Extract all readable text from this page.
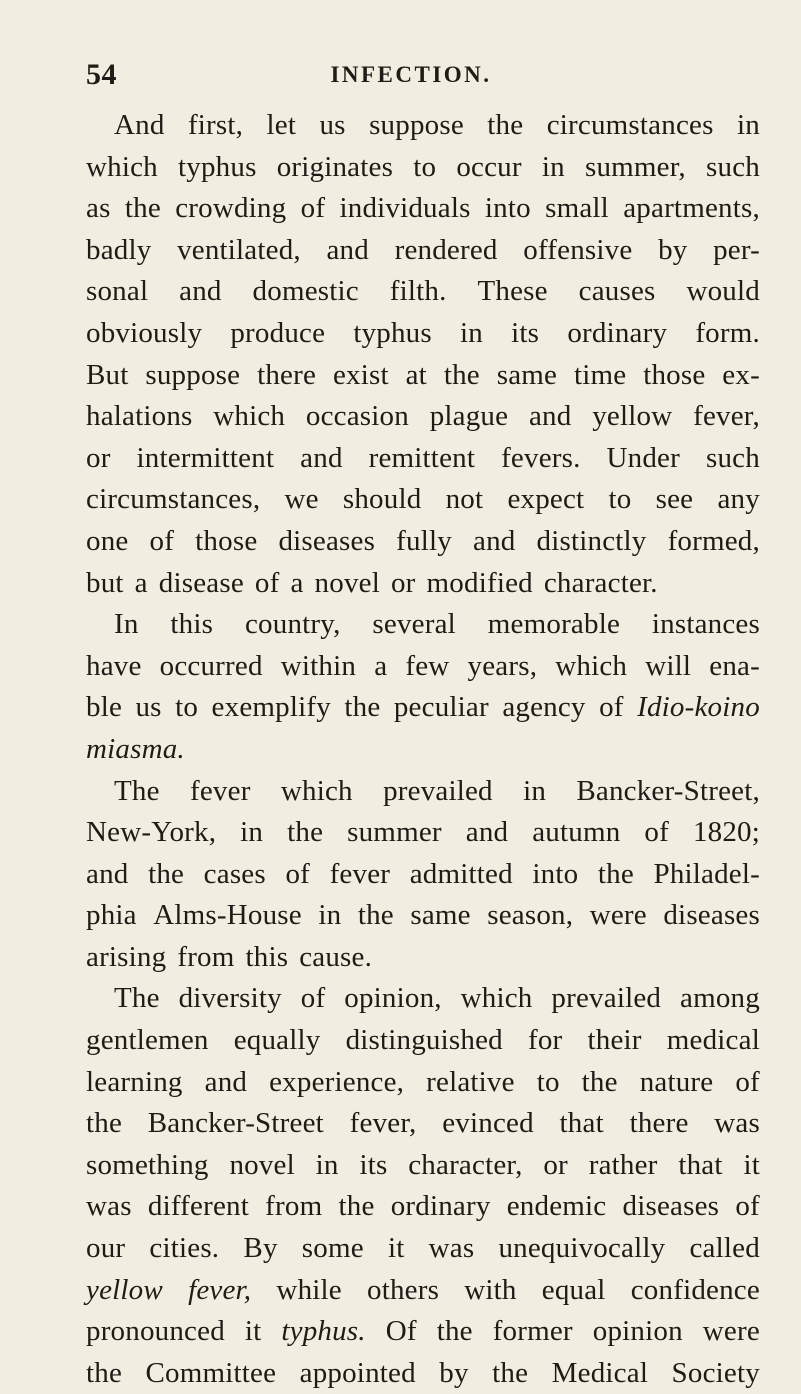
54	INFECTION.
And first, let us suppose the circumstances in
which typhus originates to occur in summer, such
as the crowding of individuals into small apartments,
badly ventilated, and rendered offensive by per-
sonal and domestic filth. These causes would
obviously produce typhus in its ordinary form.
But suppose there exist at the same time those ex-
halations which occasion plague and yellow fever,
or intermittent and remittent fevers. Under such
circumstances, we should not expect to see any
one of those diseases fully and distinctly formed,
but a disease of a novel or modified character.
In this country, several memorable instances
have occurred within a few years, which will ena-
ble us to exemplify the peculiar agency of Idio-koino
miasma.
The fever which prevailed in Bancker-Street,
New-York, in the summer and autumn of 1820;
and the cases of fever admitted into the Philadel-
phia Alms-House in the same season, were diseases
arising from this cause.
The diversity of opinion, which prevailed among
gentlemen equally distinguished for their medical
learning and experience, relative to the nature of
the Bancker-Street fever, evinced that there was
something novel in its character, or rather that it
was different from the ordinary endemic diseases of
our cities. By some it was unequivocally called
yellow fever, while others with equal confidence
pronounced it typhus. Of the former opinion were
the Committee appointed by the Medical Society
